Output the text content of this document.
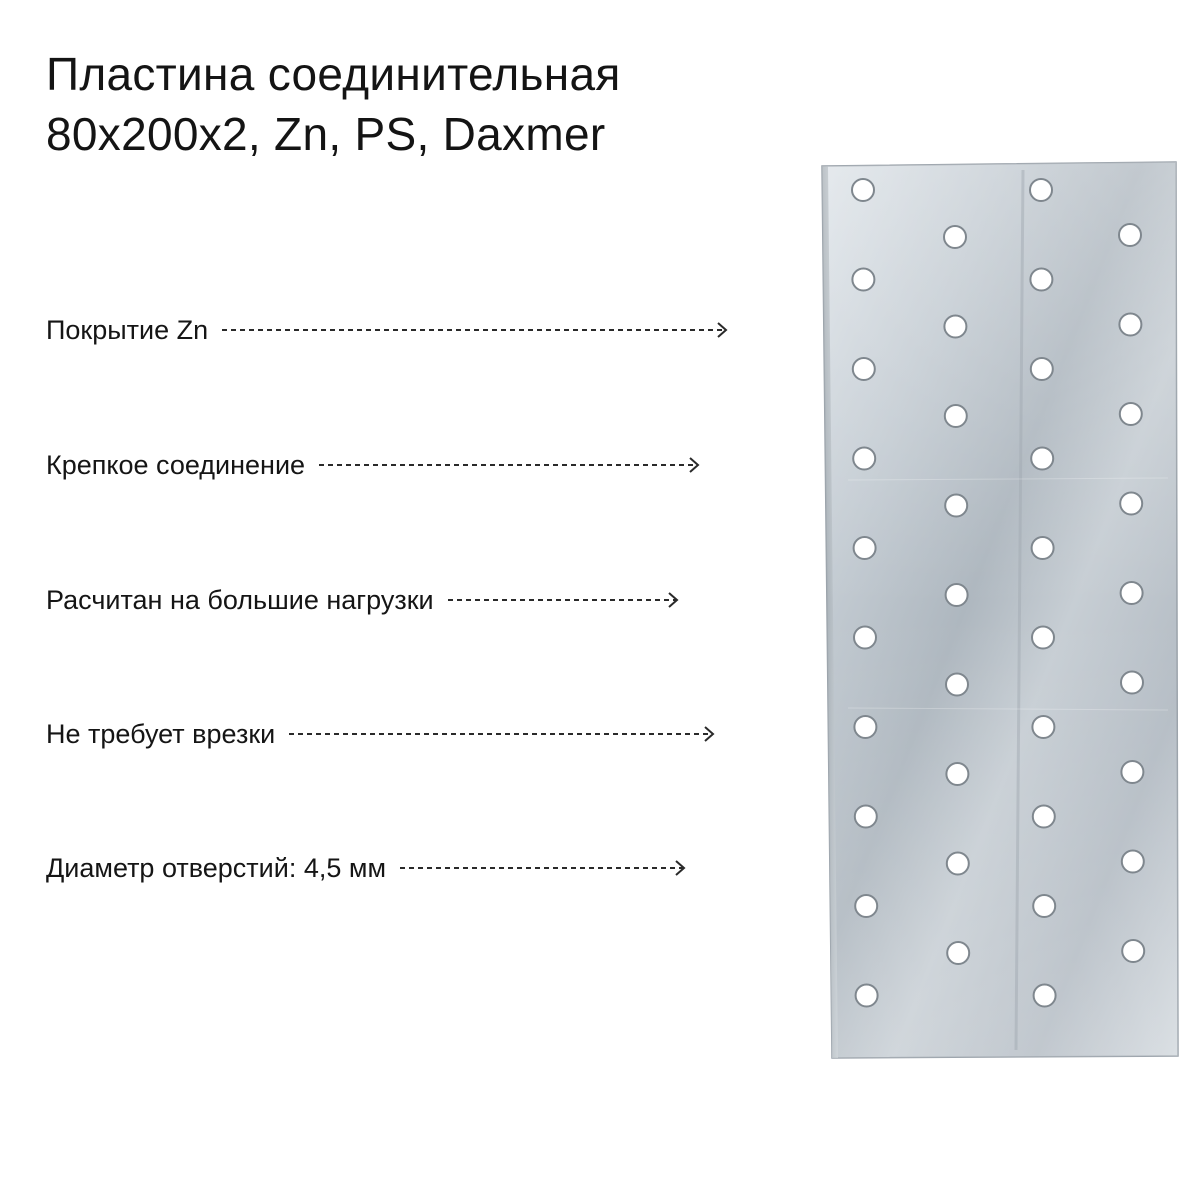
Пластина соединительная
80x200x2, Zn, PS, Daxmer
Покрытие Zn
Крепкое соединение
Расчитан на большие нагрузки
Не требует врезки
Диаметр отверстий: 4,5 мм
